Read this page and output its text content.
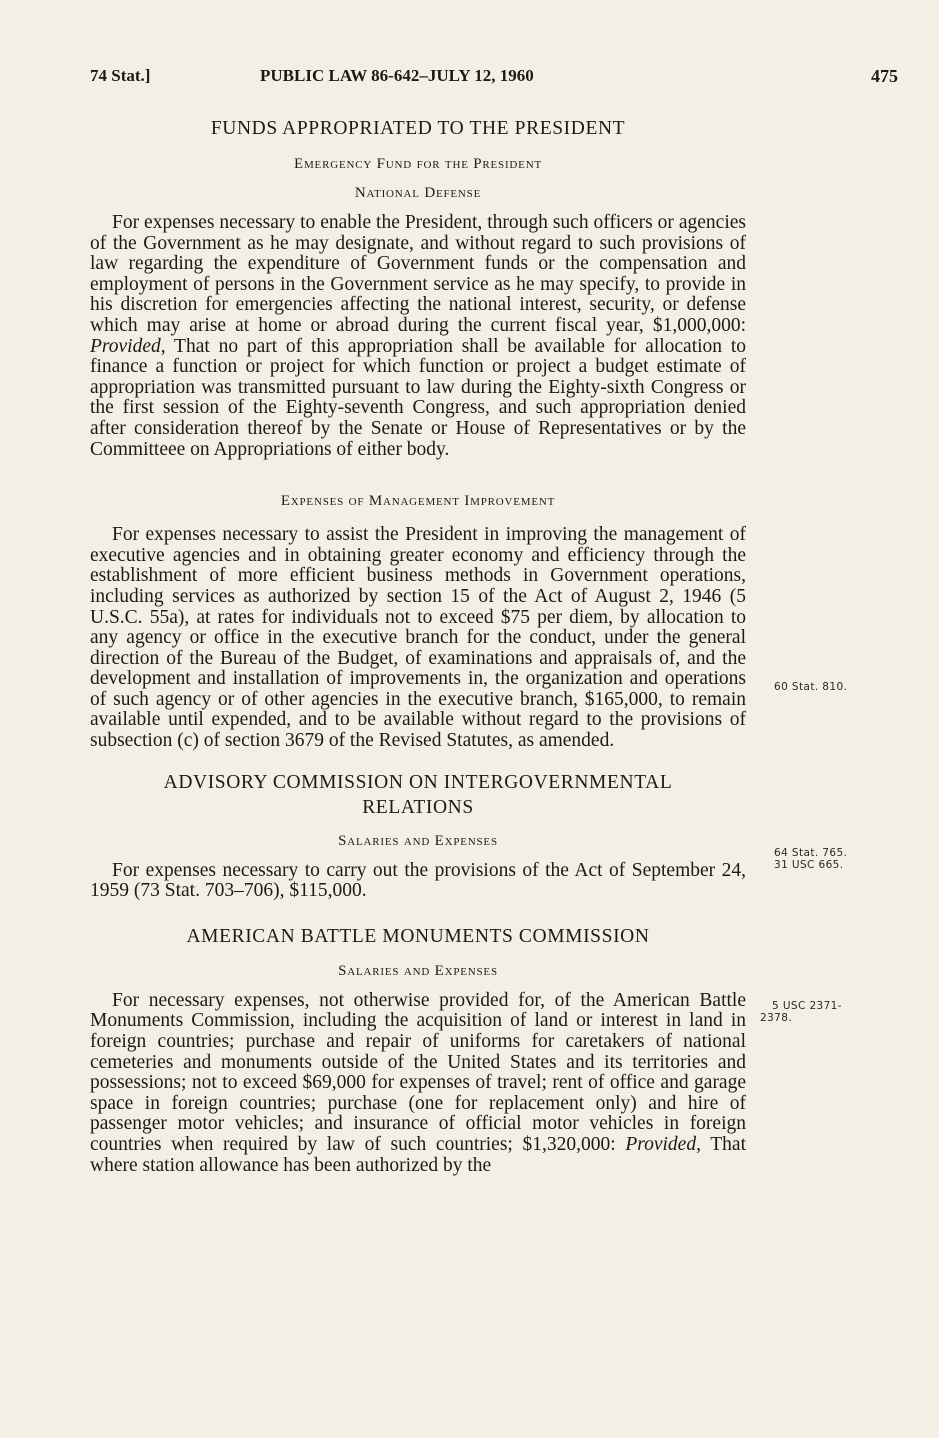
74 Stat.]	PUBLIC LAW 86-642–JULY 12, 1960	475
FUNDS APPROPRIATED TO THE PRESIDENT
Emergency Fund for the President
National Defense

For expenses necessary to enable the President, through such officers or agencies of the Government as he may designate, and without regard to such provisions of law regarding the expenditure of Government funds or the compensation and employment of persons in the Government service as he may specify, to provide in his discretion for emergencies affecting the national interest, security, or defense which may arise at home or abroad during the current fiscal year, $1,000,000: Provided, That no part of this appropriation shall be available for allocation to finance a function or project for which function or project a budget estimate of appropriation was transmitted pursuant to law during the Eighty-sixth Congress or the first session of the Eighty-seventh Congress, and such appropriation denied after consideration thereof by the Senate or House of Representatives or by the Committeee on Appropriations of either body.

Expenses of Management Improvement

For expenses necessary to assist the President in improving the management of executive agencies and in obtaining greater economy and efficiency through the establishment of more efficient business methods in Government operations, including services as authorized by section 15 of the Act of August 2, 1946 (5 U.S.C. 55a), at rates for individuals not to exceed $75 per diem, by allocation to any agency or office in the executive branch for the conduct, under the general direction of the Bureau of the Budget, of examinations and appraisals of, and the development and installation of improvements in, the organization and operations of such agency or of other agencies in the executive branch, $165,000, to remain available until expended, and to be available without regard to the provisions of subsection (c) of section 3679 of the Revised Statutes, as amended.

ADVISORY COMMISSION ON INTERGOVERNMENTAL
RELATIONS
Salaries and Expenses

For expenses necessary to carry out the provisions of the Act of September 24, 1959 (73 Stat. 703–706), $115,000.

AMERICAN BATTLE MONUMENTS COMMISSION
Salaries and Expenses

For necessary expenses, not otherwise provided for, of the American Battle Monuments Commission, including the acquisition of land or interest in land in foreign countries; purchase and repair of uniforms for caretakers of national cemeteries and monuments outside of the United States and its territories and possessions; not to exceed $69,000 for expenses of travel; rent of office and garage space in foreign countries; purchase (one for replacement only) and hire of passenger motor vehicles; and insurance of official motor vehicles in foreign countries when required by law of such countries; $1,320,000: Provided, That where station allowance has been authorized by the

60 Stat. 810.
64 Stat. 765.
31 USC 665.
5 USC 2371-
2378.
